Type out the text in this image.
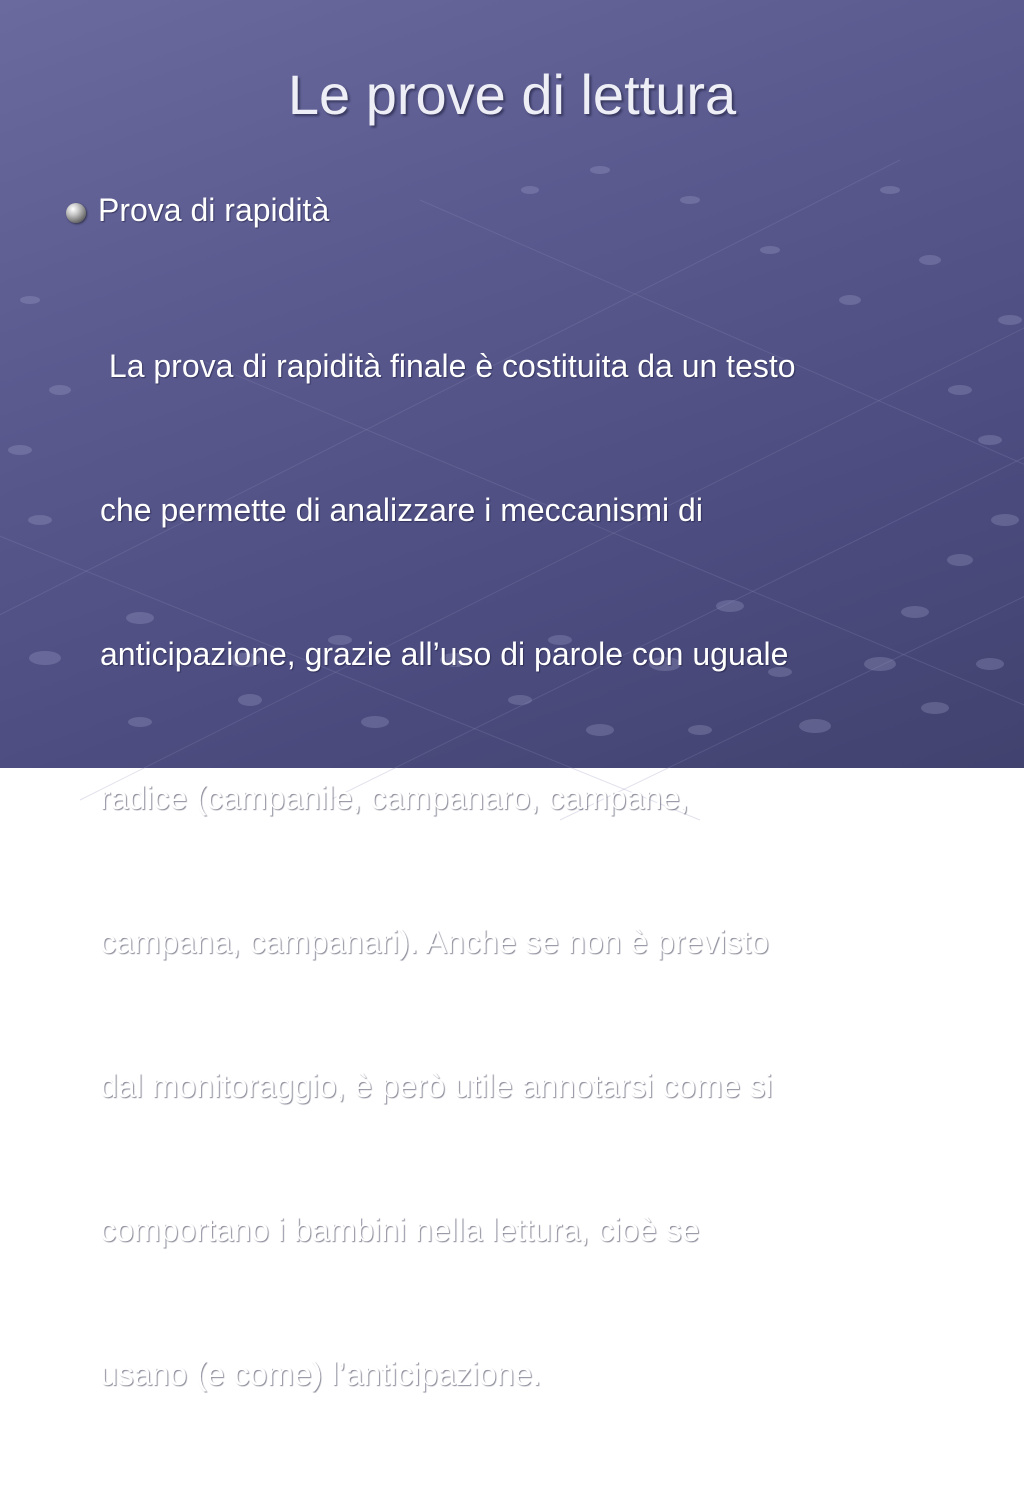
Le prove di lettura
Prova di rapidità

La prova di rapidità finale è costituita da un testo

che permette di analizzare i meccanismi di

anticipazione, grazie all’uso di parole con uguale

radice (campanile, campanaro, campane,

campana, campanari). Anche se non è previsto

dal monitoraggio, è però utile annotarsi come si

comportano i bambini nella lettura, cioè se

usano (e come) l’anticipazione.
